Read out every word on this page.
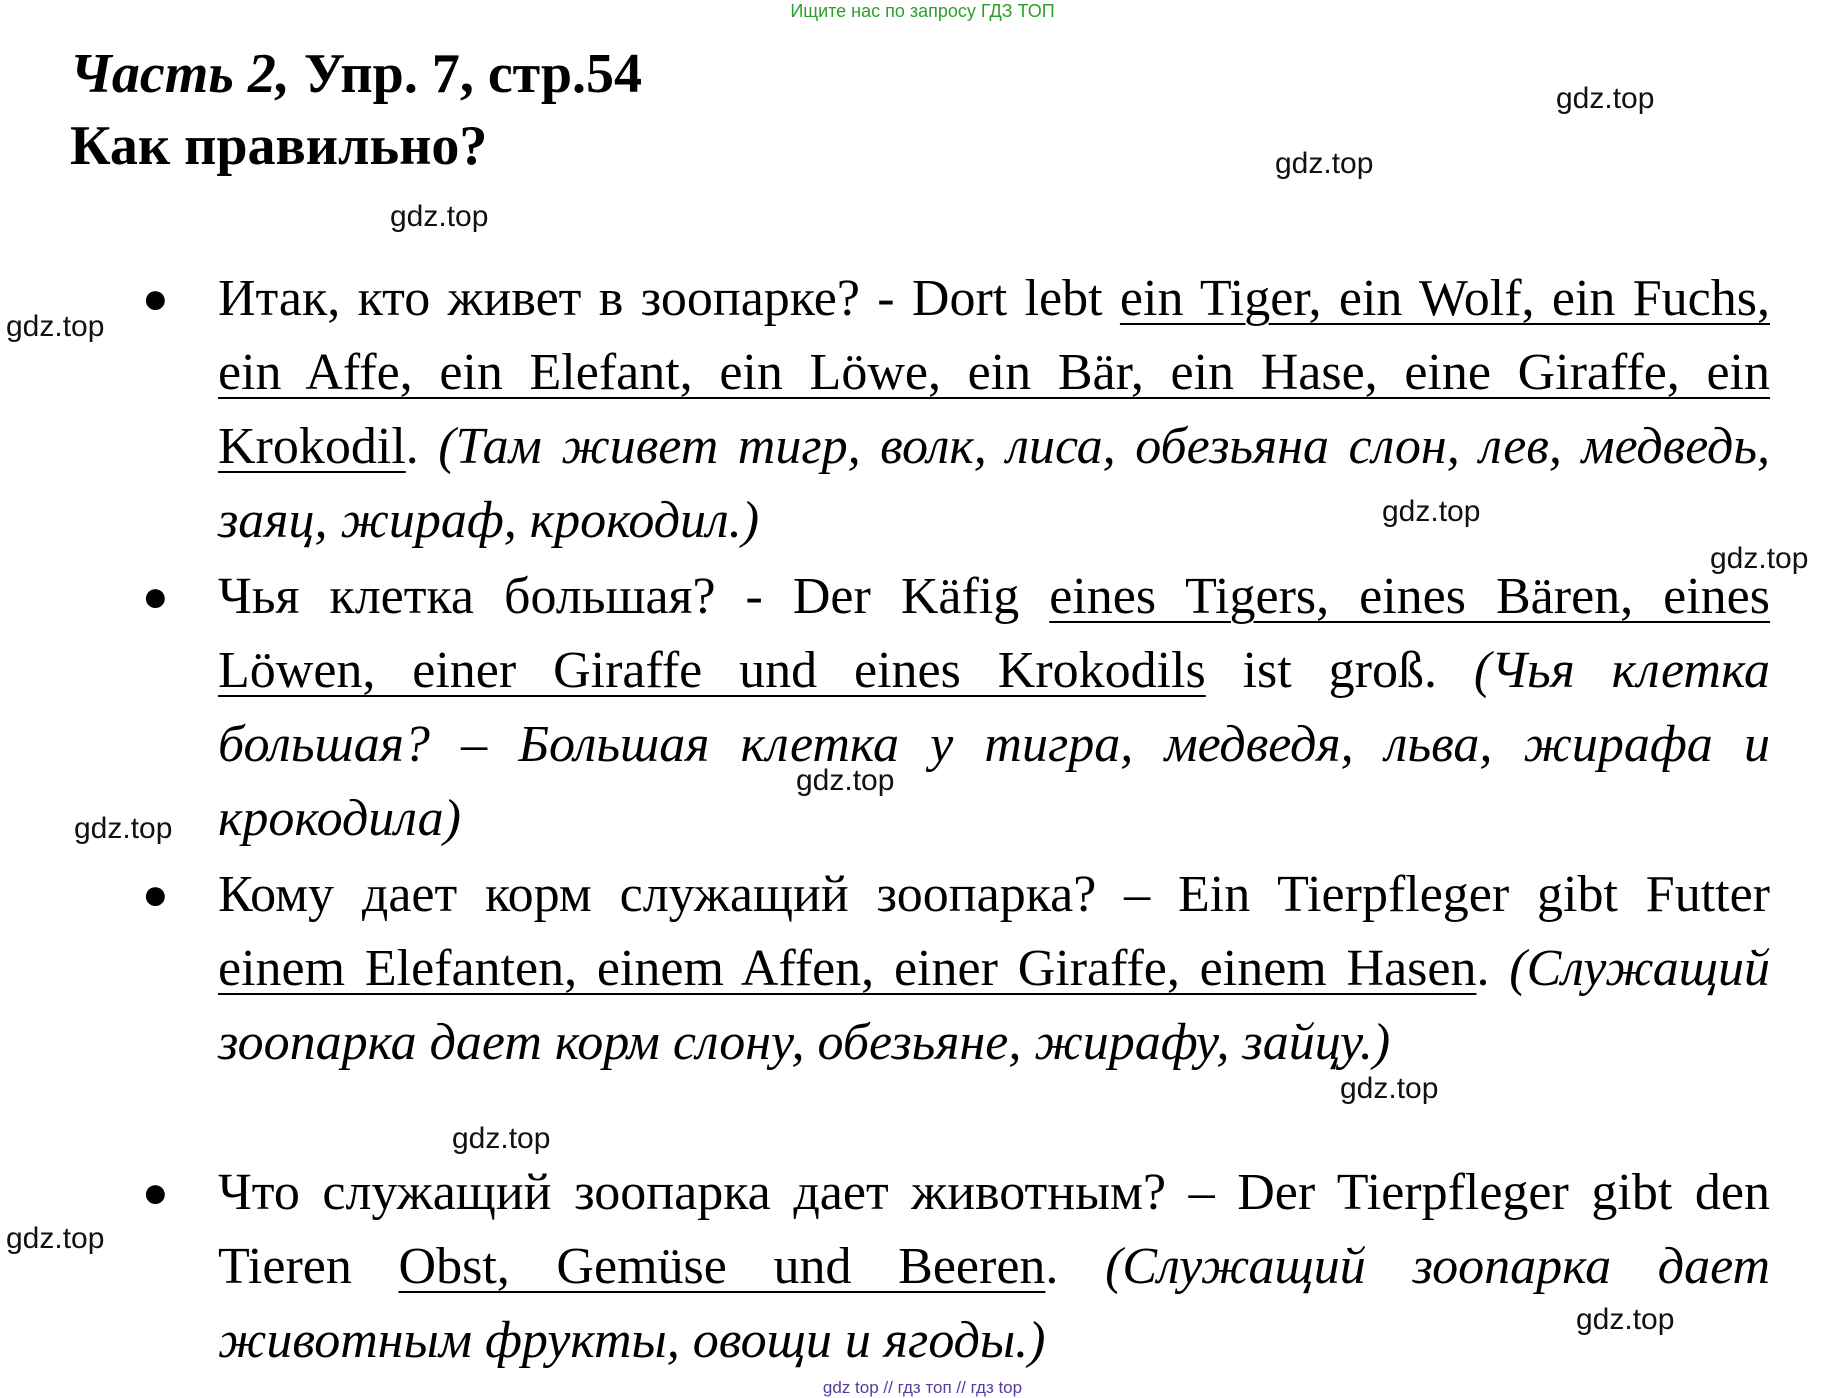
Ищите нас по запросу ГДЗ ТОП
Часть 2, Упр. 7, стр.54
Как правильно?
gdz.top
gdz.top
gdz.top
gdz.top
gdz.top
gdz.top
gdz.top
gdz.top
gdz.top
gdz.top
gdz.top
gdz.top
● Итак, кто живет в зоопарке? - Dort lebt ein Tiger, ein Wolf, ein Fuchs, ein Affe, ein Elefant, ein Löwe, ein Bär, ein Hase, eine Giraffe, ein Krokodil. (Там живет тигр, волк, лиса, обезьяна слон, лев, медведь, заяц, жираф, крокодил.)
● Чья клетка большая? - Der Käfig eines Tigers, eines Bären, eines Löwen, einer Giraffe und eines Krokodils ist groß. (Чья клетка большая? – Большая клетка у тигра, медведя, льва, жирафа и крокодила)
● Кому дает корм служащий зоопарка? – Ein Tierpfleger gibt Futter einem Elefanten, einem Affen, einer Giraffe, einem Hasen. (Служащий зоопарка дает корм слону, обезьяне, жирафу, зайцу.)
● Что служащий зоопарка дает животным? – Der Tierpfleger gibt den Tieren Obst, Gemüse und Beeren. (Служащий зоопарка дает животным фрукты, овощи и ягоды.)
gdz top // гдз топ // гдз top
